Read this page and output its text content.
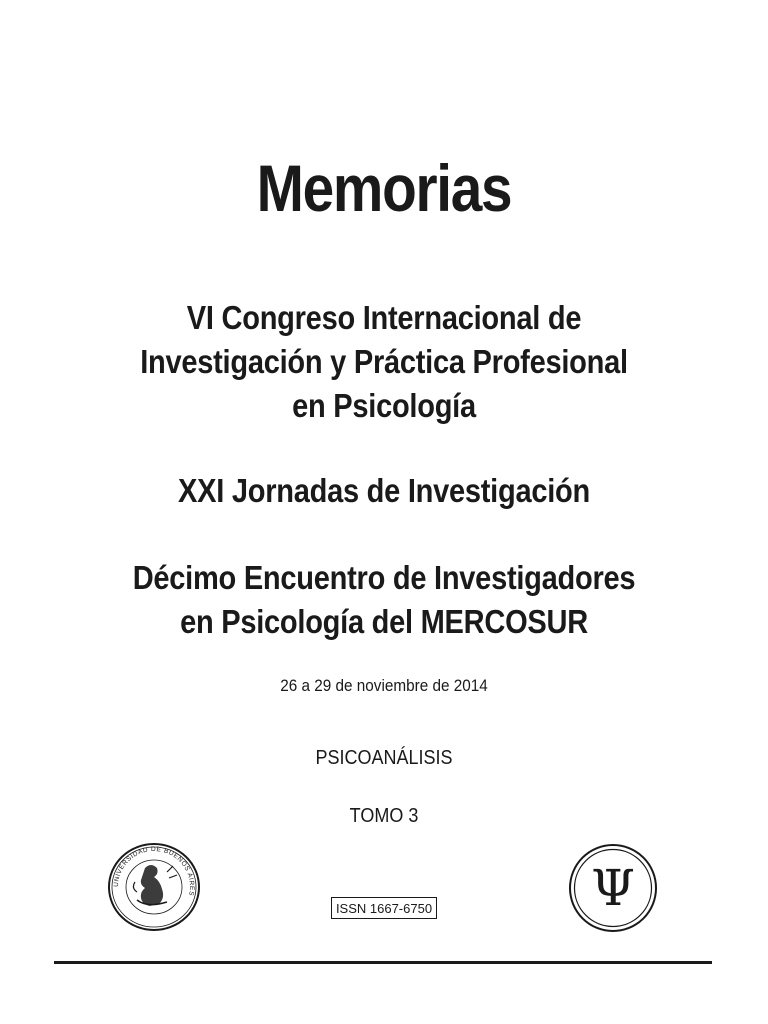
Memorias
VI Congreso Internacional de
Investigación y Práctica Profesional
en Psicología
XXI Jornadas de Investigación
Décimo Encuentro de Investigadores
en Psicología del MERCOSUR
26 a 29 de noviembre de 2014
PSICOANÁLISIS
TOMO 3
UNIVERSIDAD DE BUENOS AIRES
ISSN 1667-6750	Ψ
